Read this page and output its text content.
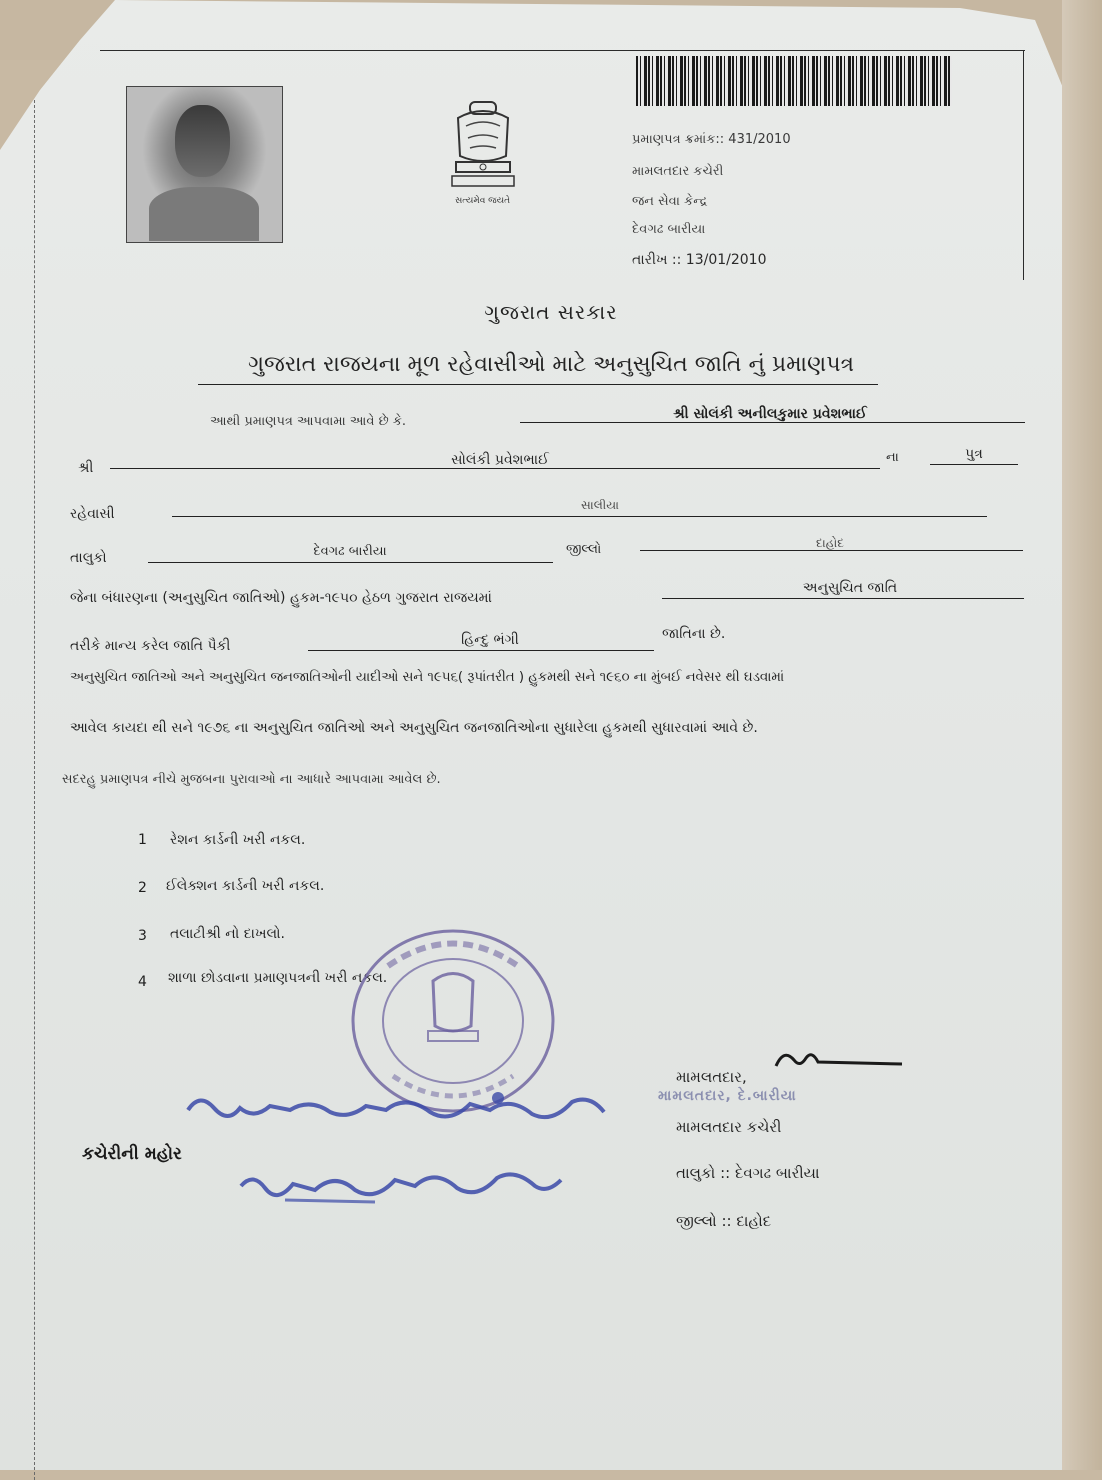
સત્યમેવ જયતે
પ્રમાણપત્ર ક્રમાંક:: 431/2010
મામલતદાર કચેરી
જન સેવા કેન્દ્ર
દેવગઢ બારીયા
તારીખ :: 13/01/2010
ગુજરાત સરકાર
ગુજરાત રાજયના મૂળ રહેવાસીઓ માટે અનુસુચિત જાતિ નું પ્રમાણપત્ર
આથી પ્રમાણપત્ર આપવામા આવે છે કે.	શ્રી સોલંકી અનીલકુમાર પ્રવેશભાઈ
શ્રી	સોલંકી પ્રવેશભાઈ	ના	પુત્ર
રહેવાસી
સાલીયા
તાલુકો	દેવગઢ બારીયા	જીલ્લો	દાહોદ
જેના બંધારણના (અનુસુચિત જાતિઓ) હુકમ-૧૯૫૦ હેઠળ ગુજરાત રાજયમાં
અનુસુચિત જાતિ
તરીકે માન્ય કરેલ જાતિ પૈકી	હિન્દુ ભંગી	જાતિના છે.
અનુસુચિત જાતિઓ અને અનુસુચિત જનજાતિઓની યાદીઓ સને ૧૯૫૬( રૂપાંતરીત ) હુકમથી સને ૧૯૬૦ ના મુંબઈ નવેસર થી ઘડવામાં
આવેલ કાયદા થી સને ૧૯૭૬ ના અનુસુચિત જાતિઓ અને અનુસુચિત જનજાતિઓના સુધારેલા હુકમથી સુધારવામાં આવે છે.
સદરહુ પ્રમાણપત્ર નીચે મુજબના પુરાવાઓ ના આધારે આપવામા આવેલ છે.
1 રેશન કાર્ડની ખરી નકલ.
2 ઈલેક્શન કાર્ડની ખરી નકલ.
3 તલાટીશ્રી નો દાખલો.
4 શાળા છોડવાના પ્રમાણપત્રની ખરી નકલ.
મામલતદાર,
મામલતદાર, દે.બારીયા
મામલતદાર કચેરી
તાલુકો :: દેવગઢ બારીયા
જીલ્લો :: દાહોદ
કચેરીની મહોર
